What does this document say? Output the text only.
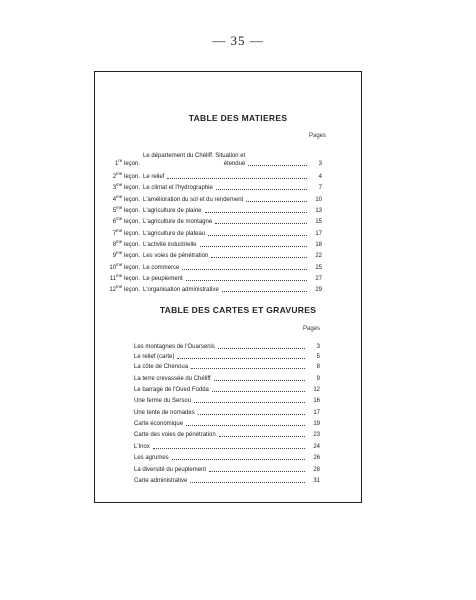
— 35 —
TABLE DES MATIERES
Pages
1re leçon.
Le département du Chéliff. Situation et
étendue	3
$2^{me}$ leçon. Le relief	4
$3^{me}$ leçon. Le climat et l'hydrographie	7
$4^{me}$ leçon. L'amélioration du sol et du rendement	10
$5^{me}$ leçon. L'agriculture de plaine	13
$6^{me}$ leçon. L'agriculture de montagne	15
$7^{me}$ leçon. L'agriculture de plateau	17
$8^{me}$ leçon. L'activité industrielle	18
$9^{me}$ leçon. Les voies de pénétration	22
$10^{me}$ leçon. Le commerce	25
$11^{me}$ leçon. Le peuplement	27
$12^{me}$ leçon. L'organisation administrative	29
TABLE DES CARTES ET GRAVURES
Pages
Les montagnes de l'Ouarsenis	3
Le relief (carte)	5
La côte de Chenoua	8
La terre crevassée du Chéliff	9
Le barrage de l'Oued Fodda	12
Une ferme du Sersou	16
Une tente de nomades	17
Carte économique	19
Carte des voies de pénétration	23
L'Inox	24
Les agrumes	26
La diversité du peuplement	28
Carte administrative	31
